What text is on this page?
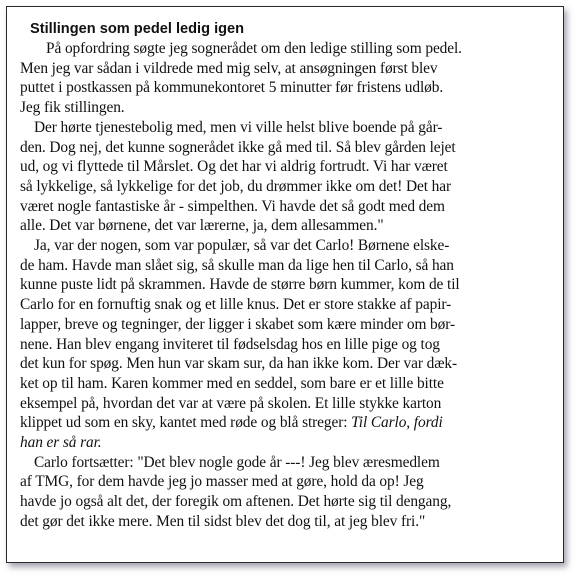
Stillingen som pedel ledig igen

På opfordring søgte jeg sognerådet om den ledige stilling som pedel.
Men jeg var sådan i vildrede med mig selv, at ansøgningen først blev
puttet i postkassen på kommunekontoret 5 minutter før fristens udløb.
Jeg fik stillingen.

Der hørte tjenestebolig med, men vi ville helst blive boende på går-
den. Dog nej, det kunne sognerådet ikke gå med til. Så blev gården lejet
ud, og vi flyttede til Mårslet. Og det har vi aldrig fortrudt. Vi har været
så lykkelige, så lykkelige for det job, du drømmer ikke om det! Det har
været nogle fantastiske år - simpelthen. Vi havde det så godt med dem
alle. Det var børnene, det var lærerne, ja, dem allesammen."

Ja, var der nogen, som var populær, så var det Carlo! Børnene elske-
de ham. Havde man slået sig, så skulle man da lige hen til Carlo, så han
kunne puste lidt på skrammen. Havde de større børn kummer, kom de til
Carlo for en fornuftig snak og et lille knus. Det er store stakke af papir-
lapper, breve og tegninger, der ligger i skabet som kære minder om bør-
nene. Han blev engang inviteret til fødselsdag hos en lille pige og tog
det kun for spøg. Men hun var skam sur, da han ikke kom. Der var dæk-
ket op til ham. Karen kommer med en seddel, som bare er et lille bitte
eksempel på, hvordan det var at være på skolen. Et lille stykke karton
klippet ud som en sky, kantet med røde og blå streger: Til Carlo, fordi
han er så rar.

Carlo fortsætter: "Det blev nogle gode år ---! Jeg blev æresmedlem
af TMG, for dem havde jeg jo masser med at gøre, hold da op! Jeg
havde jo også alt det, der foregik om aftenen. Det hørte sig til dengang,
det gør det ikke mere. Men til sidst blev det dog til, at jeg blev fri."
